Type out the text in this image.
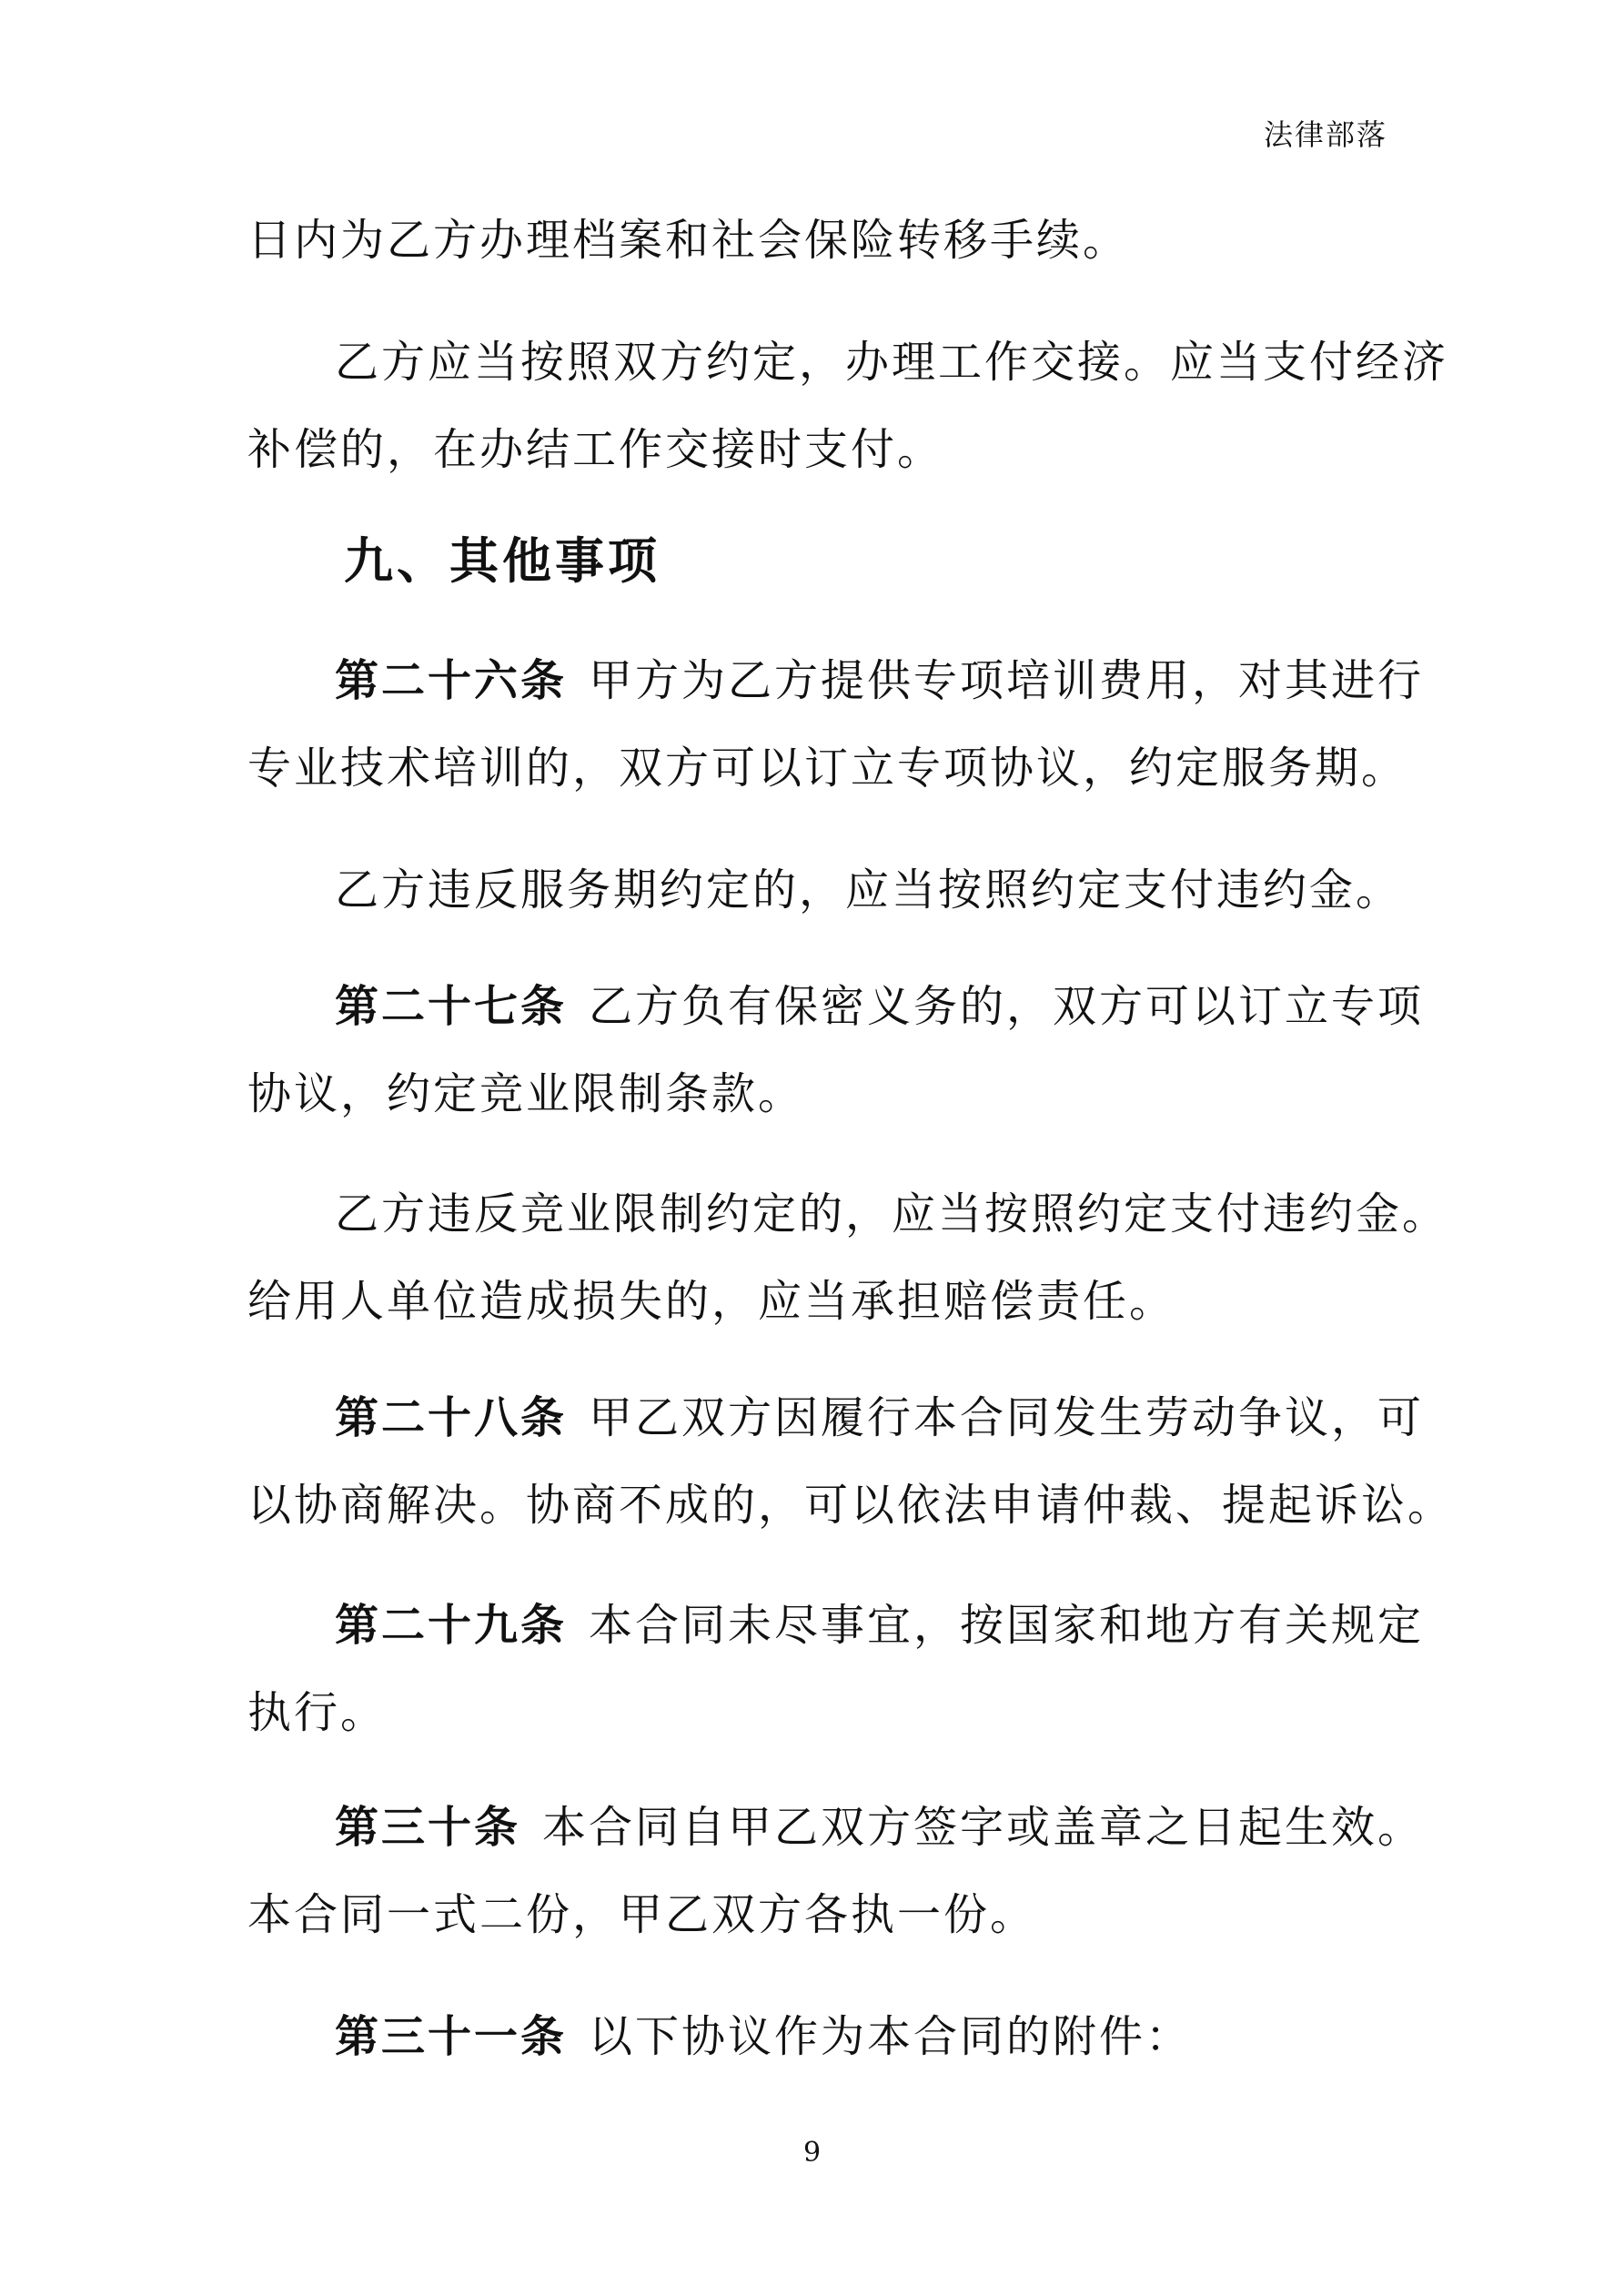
法律部落
日内为乙方办理档案和社会保险转移手续。
乙方应当按照双方约定，办理工作交接。应当支付经济
补偿的，在办结工作交接时支付。
九、其他事项
第二十六条 甲方为乙方提供专项培训费用，对其进行
专业技术培训的，双方可以订立专项协议，约定服务期。
乙方违反服务期约定的，应当按照约定支付违约金。
第二十七条 乙方负有保密义务的，双方可以订立专项
协议，约定竞业限制条款。
乙方违反竞业限制约定的，应当按照约定支付违约金。
给用人单位造成损失的，应当承担赔偿责任。
第二十八条 甲乙双方因履行本合同发生劳动争议，可
以协商解决。协商不成的，可以依法申请仲裁、提起诉讼。
第二十九条 本合同未尽事宜，按国家和地方有关规定
执行。
第三十条 本合同自甲乙双方签字或盖章之日起生效。
本合同一式二份，甲乙双方各执一份。
第三十一条 以下协议作为本合同的附件：
9
